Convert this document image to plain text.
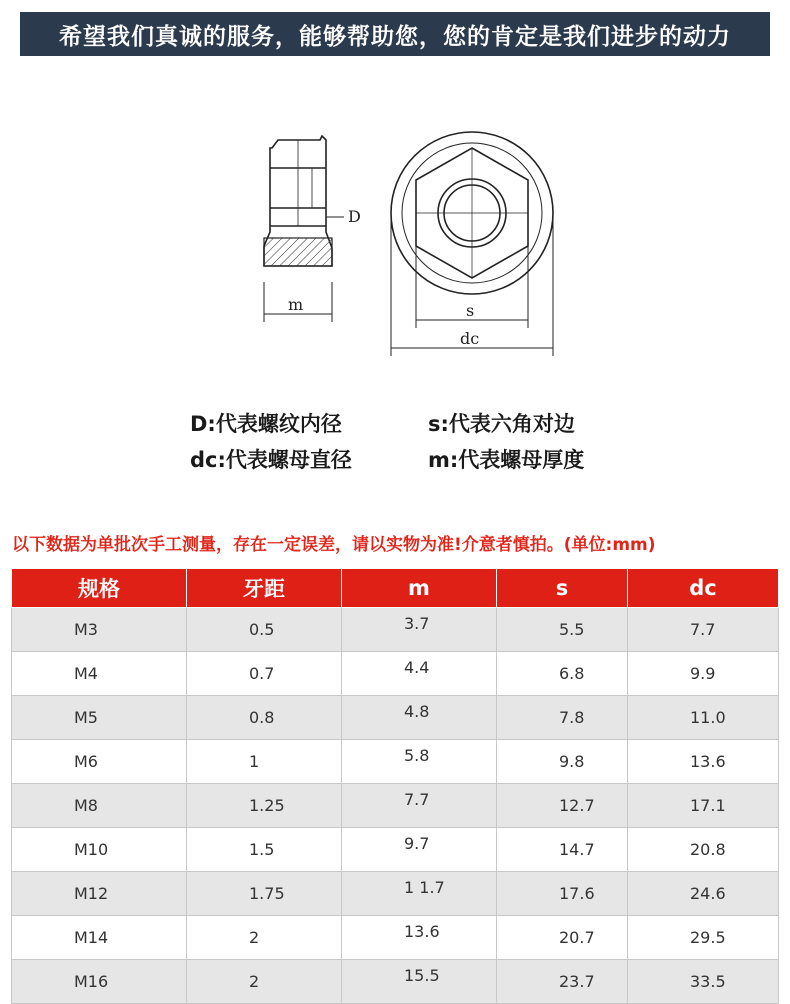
希望我们真诚的服务，能够帮助您，您的肯定是我们进步的动力
D
m	s
dc
D:代表螺纹内径	s:代表六角对边
dc:代表螺母直径	m:代表螺母厚度
以下数据为单批次手工测量，存在一定误差，请以实物为准!介意者慎拍。(单位:mm)
规格	牙距	m	s	dc
M3	0.5	3.7	5.5	7.7
M4	0.7	4.4	6.8	9.9
M5	0.8	4.8	7.8	11.0
M6	1	5.8	9.8	13.6
M8	1.25	7.7	12.7	17.1
M10	1.5	9.7	14.7	20.8
M12	1.75	1 1.7	17.6	24.6
M14	2	13.6	20.7	29.5
M16	2	15.5	23.7	33.5
